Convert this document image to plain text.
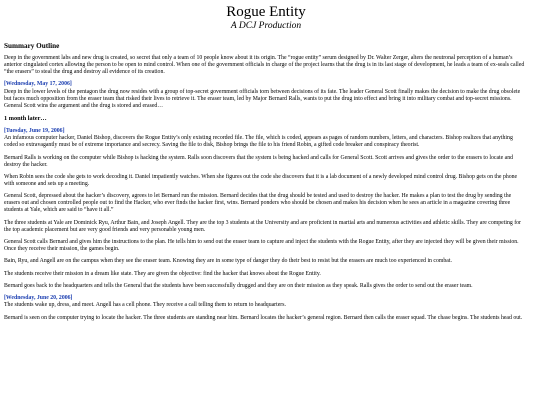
Rogue Entity
A DCJ Production
Summary Outline

Deep in the government labs and new drug is created, so secret that only a team of 10 people know about it its origin. The “rogue entity” serum designed by Dr. Walter Zerger, alters the neutronal perception of a human’s anterior cingulated cortex allowing the person to be open to mind control. When one of the government officials in charge of the project learns that the drug is in its last stage of development, he leads a team of ex-seals called “the erasers” to steal the drug and destroy all evidence of its creation.

[Wednesday, May 17, 2006]
Deep in the lower levels of the pentagon the drug now resides with a group of top-secret government officials torn between decisions of its fate. The leader General Scott finally makes the decision to make the drug obsolete but faces much opposition from the eraser team that risked their lives to retrieve it. The eraser team, led by Major Bernard Ralls, wants to put the drug into effect and bring it into military combat and top-secret missions. General Scott wins the argument and the drug is stored and erased…

1 month later…

[Tuesday, June 19, 2006]
An infamous computer hacker, Daniel Bishop, discovers the Rogue Entity’s only existing recorded file. The file, which is coded, appears as pages of random numbers, letters, and characters. Bishop realizes that anything coded so extravagantly must be of extreme importance and secrecy. Saving the file to disk, Bishop brings the file to his friend Robin, a gifted code breaker and conspiracy theorist.

Bernard Ralls is working on the computer while Bishop is hacking the system. Ralls soon discovers that the system is being hacked and calls for General Scott. Scott arrives and gives the order to the erasers to locate and destroy the hacker.

When Robin sees the code she gets to work decoding it. Daniel impatiently watches. When she figures out the code she discovers that it is a lab document of a newly developed mind control drug. Bishop gets on the phone with someone and sets up a meeting.

General Scott, depressed about the hacker’s discovery, agrees to let Bernard run the mission. Bernard decides that the drug should be tested and used to destroy the hacker. He makes a plan to test the drug by sending the erasers out and chosen controlled people out to find the Hacker, who ever finds the hacker first, wins. Bernard ponders who should be chosen and makes his decision when he sees an article in a magazine covering three students at Yale, which are said to “have it all.”

The three students at Yale are Dominick Ryu, Arthur Bain, and Joseph Angell. They are the top 3 students at the University and are proficient in martial arts and numerous activities and athletic skills. They are competing for the top academic placement but are very good friends and very personable young men.

General Scott calls Bernard and gives him the instructions to the plan. He tells him to send out the eraser team to capture and inject the students with the Rogue Entity, after they are injected they will be given their mission. Once they receive their mission, the games begin.

Bain, Ryu, and Angell are on the campus when they see the eraser team. Knowing they are in some type of danger they do their best to resist but the erasers are much too experienced in combat.

The students receive their mission in a dream like state. They are given the objective: find the hacker that knows about the Rogue Entity.

Bernard goes back to the headquarters and tells the General that the students have been successfully drugged and they are on their mission as they speak. Ralls gives the order to send out the eraser team.

[Wednesday, June 20, 2006]
The students wake up, dress, and meet. Angell has a cell phone. They receive a call telling them to return to headquarters.

Bernard is seen on the computer trying to locate the hacker. The three students are standing near him. Bernard locates the hacker’s general region. Bernard then calls the eraser squad. The chase begins. The students head out.
